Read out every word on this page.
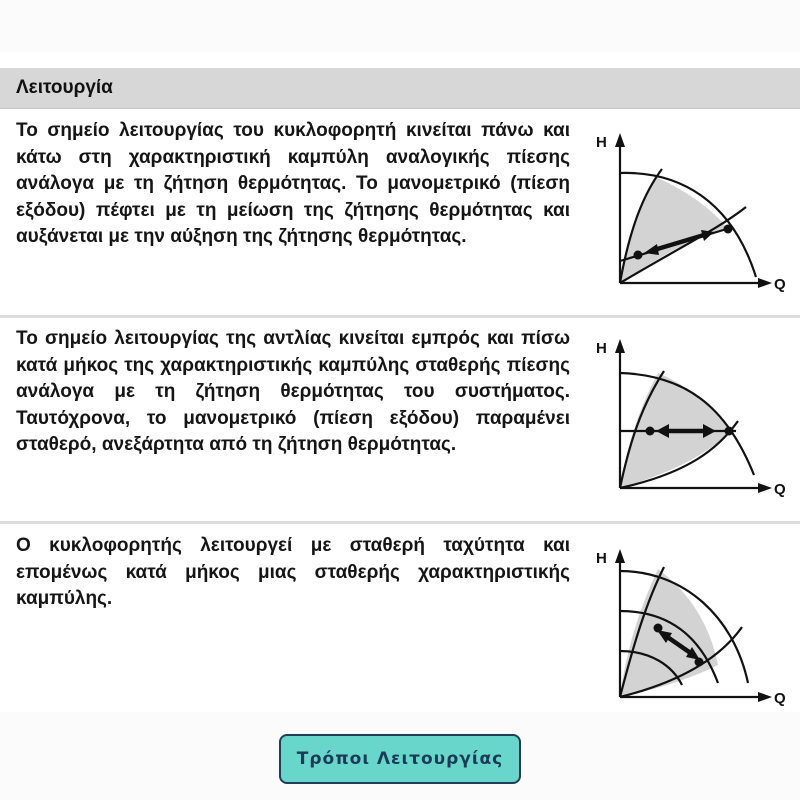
Λειτουργία

Το σημείο λειτουργίας του κυκλοφορητή κινείται πάνω και κάτω στη χαρακτηριστική καμπύλη αναλογικής πίεσης ανάλογα με τη ζήτηση θερμότητας. Το μανομετρικό (πίεση εξόδου) πέφτει με τη μείωση της ζήτησης θερμότητας και αυξάνεται με την αύξηση της ζήτησης θερμότητας.

H
Q

Το σημείο λειτουργίας της αντλίας κινείται εμπρός και πίσω κατά μήκος της χαρακτηριστικής καμπύλης σταθερής πίεσης ανάλογα με τη ζήτηση θερμότητας του συστήματος. Ταυτόχρονα, το μανομετρικό (πίεση εξόδου) παραμένει σταθερό, ανεξάρτητα από τη ζήτηση θερμότητας.

H
Q

Ο κυκλοφορητής λειτουργεί με σταθερή ταχύτητα και επομένως κατά μήκος μιας σταθερής χαρακτηριστικής καμπύλης.

H
Q
Τρόποι Λειτουργίας
